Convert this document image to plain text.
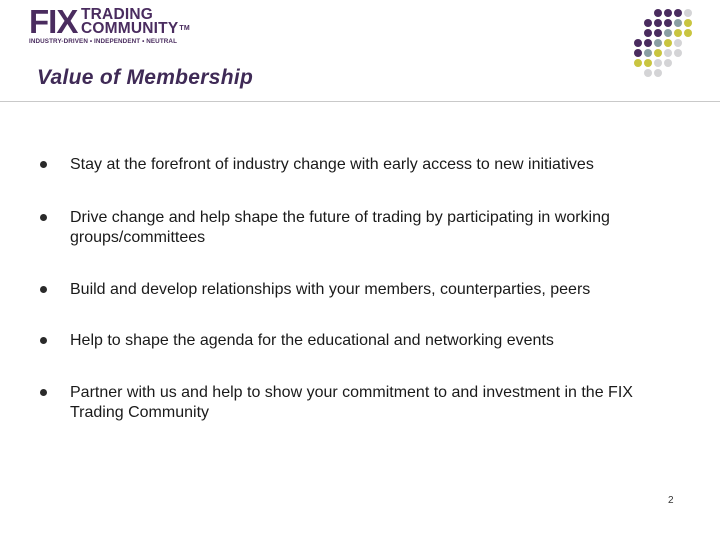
FIX TRADING
COMMUNITY™
INDUSTRY-DRIVEN • INDEPENDENT • NEUTRAL
Value of Membership
Stay at the forefront of industry change with early access to new initiatives
Drive change and help shape the future of trading by participating in working groups/committees
Build and develop relationships with your members, counterparties, peers
Help to shape the agenda for the educational and networking events
Partner with us and help to show your commitment to and investment in the FIX Trading Community
2
